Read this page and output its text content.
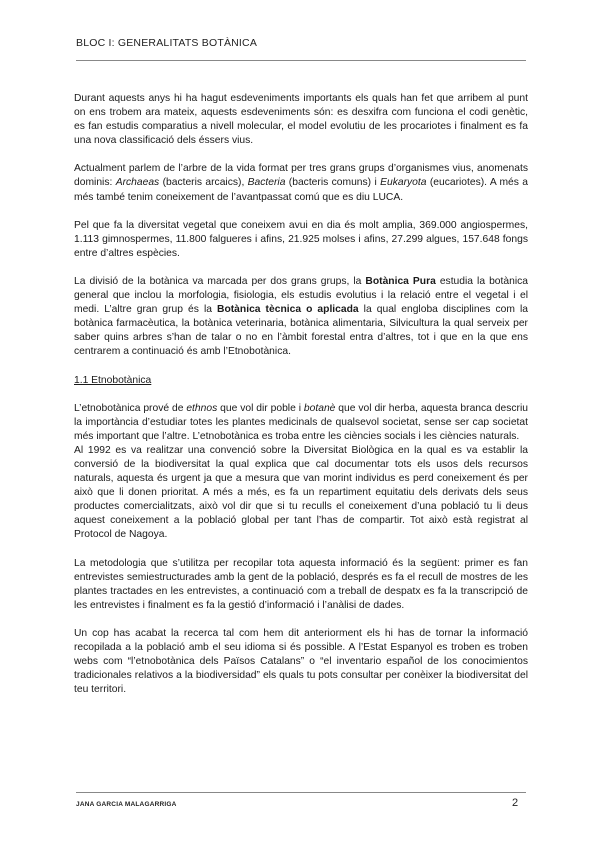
BLOC I: GENERALITATS BOTÀNICA

Durant aquests anys hi ha hagut esdeveniments importants els quals han fet que arribem al punt on ens trobem ara mateix, aquests esdeveniments són: es desxifra com funciona el codi genètic, es fan estudis comparatius a nivell molecular, el model evolutiu de les procariotes i finalment es fa una nova classificació dels éssers vius.

Actualment parlem de l’arbre de la vida format per tres grans grups d’organismes vius, anomenats dominis: Archaeas (bacteris arcaics), Bacteria (bacteris comuns) i Eukaryota (eucariotes). A més a més també tenim coneixement de l’avantpassat comú que es diu LUCA.

Pel que fa la diversitat vegetal que coneixem avui en dia és molt amplia, 369.000 angiospermes, 1.113 gimnospermes, 11.800 falgueres i afins, 21.925 molses i afins, 27.299 algues, 157.648 fongs entre d’altres espècies.

La divisió de la botànica va marcada per dos grans grups, la Botànica Pura estudia la botànica general que inclou la morfologia, fisiologia, els estudis evolutius i la relació entre el vegetal i el medi. L’altre gran grup és la Botànica tècnica o aplicada la qual engloba disciplines com la botànica farmacèutica, la botànica veterinaria, botànica alimentaria, Silvicultura la qual serveix per saber quins arbres s’han de talar o no en l’àmbit forestal entra d’altres, tot i que en la que ens centrarem a continuació és amb l’Etnobotànica.

1.1 Etnobotànica

L’etnobotànica prové de ethnos que vol dir poble i botanè que vol dir herba, aquesta branca descriu la importància d’estudiar totes les plantes medicinals de qualsevol societat, sense ser cap societat més important que l’altre. L’etnobotànica es troba entre les ciències socials i les ciències naturals.

Al 1992 es va realitzar una convenció sobre la Diversitat Biològica en la qual es va establir la conversió de la biodiversitat la qual explica que cal documentar tots els usos dels recursos naturals, aquesta és urgent ja que a mesura que van morint individus es perd coneixement és per això que li donen prioritat. A més a més, es fa un repartiment equitatiu dels derivats dels seus productes comercialitzats, això vol dir que si tu reculls el coneixement d’una població tu li deus aquest coneixement a la població global per tant l’has de compartir. Tot això està registrat al Protocol de Nagoya.

La metodologia que s’utilitza per recopilar tota aquesta informació és la següent: primer es fan entrevistes semiestructurades amb la gent de la població, després es fa el recull de mostres de les plantes tractades en les entrevistes, a continuació com a treball de despatx es fa la transcripció de les entrevistes i finalment es fa la gestió d’informació i l’anàlisi de dades.

Un cop has acabat la recerca tal com hem dit anteriorment els hi has de tornar la informació recopilada a la població amb el seu idioma si és possible. A l’Estat Espanyol es troben es troben webs com “l’etnobotànica dels Països Catalans” o “el inventario español de los conocimientos tradicionales relativos a la biodiversidad” els quals tu pots consultar per conèixer la biodiversitat del teu territori.

JANA GARCIA MALAGARRIGA	2
